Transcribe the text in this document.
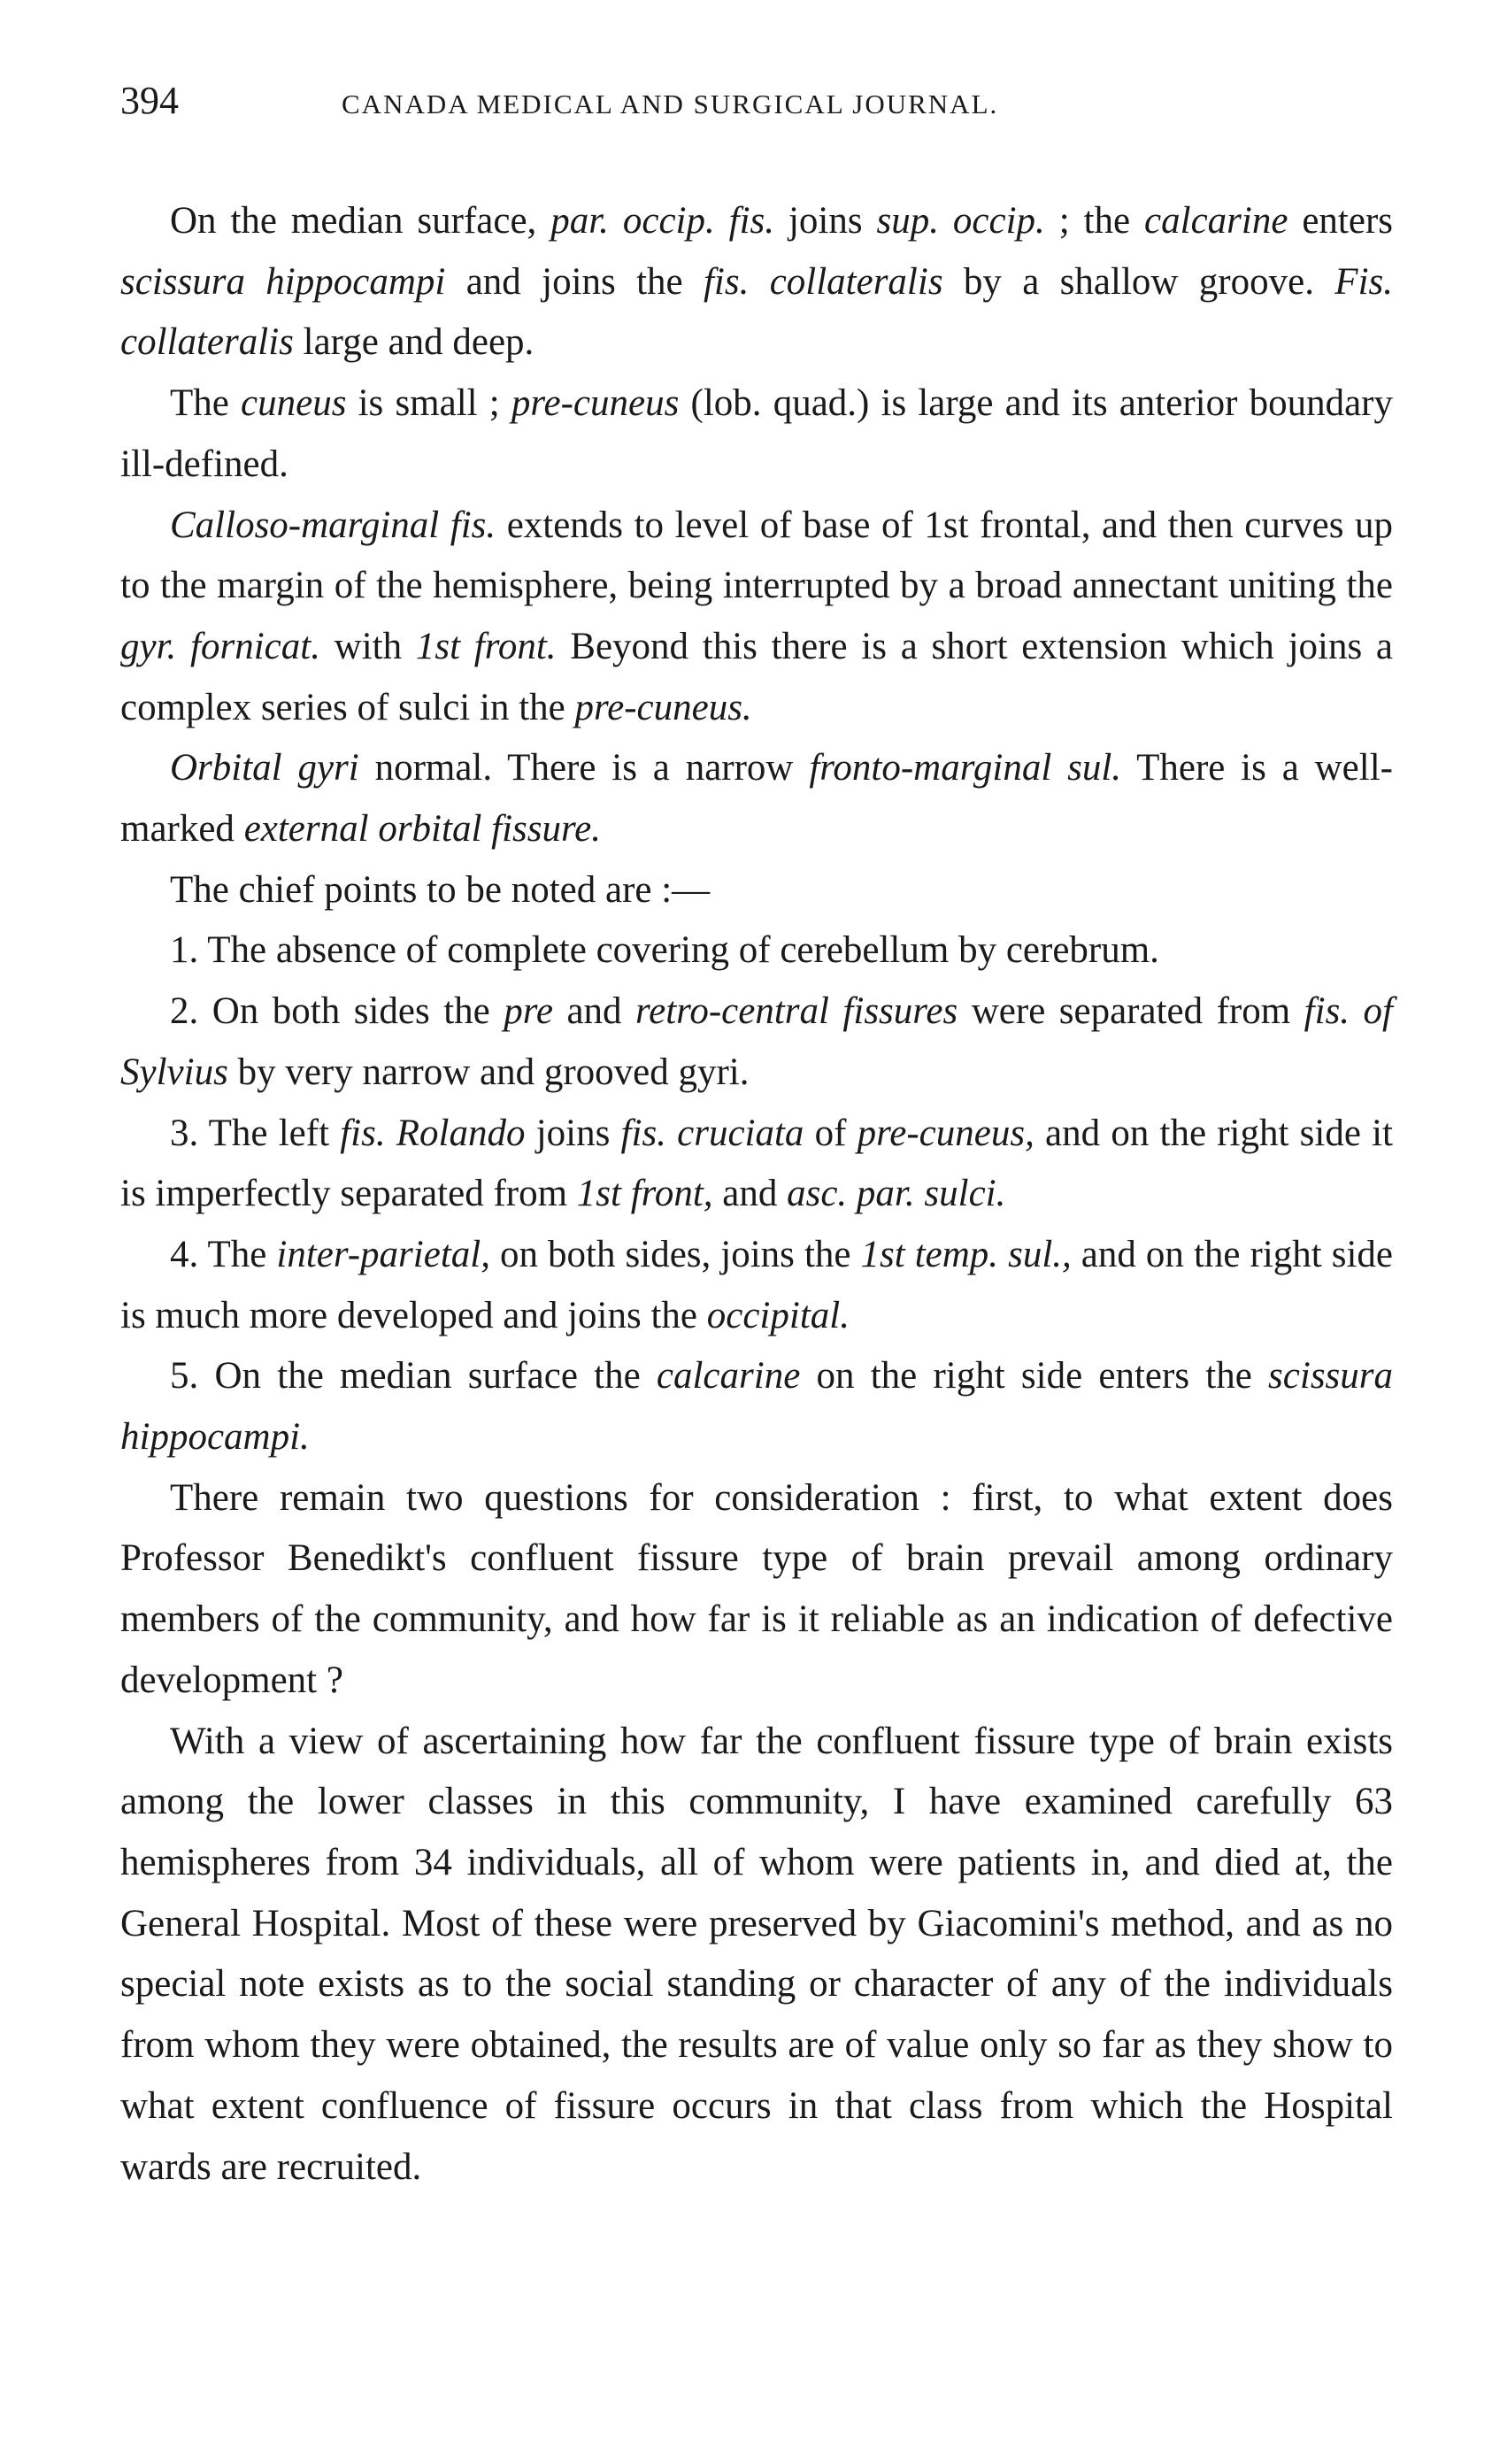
394	CANADA MEDICAL AND SURGICAL JOURNAL.

On the median surface, par. occip. fis. joins sup. occip. ; the calcarine enters scissura hippocampi and joins the fis. collateralis by a shallow groove. Fis. collateralis large and deep.

The cuneus is small ; pre-cuneus (lob. quad.) is large and its anterior boundary ill-defined.

Calloso-marginal fis. extends to level of base of 1st frontal, and then curves up to the margin of the hemisphere, being interrupted by a broad annectant uniting the gyr. fornicat. with 1st front. Beyond this there is a short extension which joins a complex series of sulci in the pre-cuneus.

Orbital gyri normal. There is a narrow fronto-marginal sul. There is a well-marked external orbital fissure.

The chief points to be noted are :—

1. The absence of complete covering of cerebellum by cerebrum.

2. On both sides the pre and retro-central fissures were separated from fis. of Sylvius by very narrow and grooved gyri.

3. The left fis. Rolando joins fis. cruciata of pre-cuneus, and on the right side it is imperfectly separated from 1st front, and asc. par. sulci.

4. The inter-parietal, on both sides, joins the 1st temp. sul., and on the right side is much more developed and joins the occipital.

5. On the median surface the calcarine on the right side enters the scissura hippocampi.

There remain two questions for consideration : first, to what extent does Professor Benedikt's confluent fissure type of brain prevail among ordinary members of the community, and how far is it reliable as an indication of defective development ?

With a view of ascertaining how far the confluent fissure type of brain exists among the lower classes in this community, I have examined carefully 63 hemispheres from 34 individuals, all of whom were patients in, and died at, the General Hospital. Most of these were preserved by Giacomini's method, and as no special note exists as to the social standing or character of any of the individuals from whom they were obtained, the results are of value only so far as they show to what extent confluence of fissure occurs in that class from which the Hospital wards are recruited.
